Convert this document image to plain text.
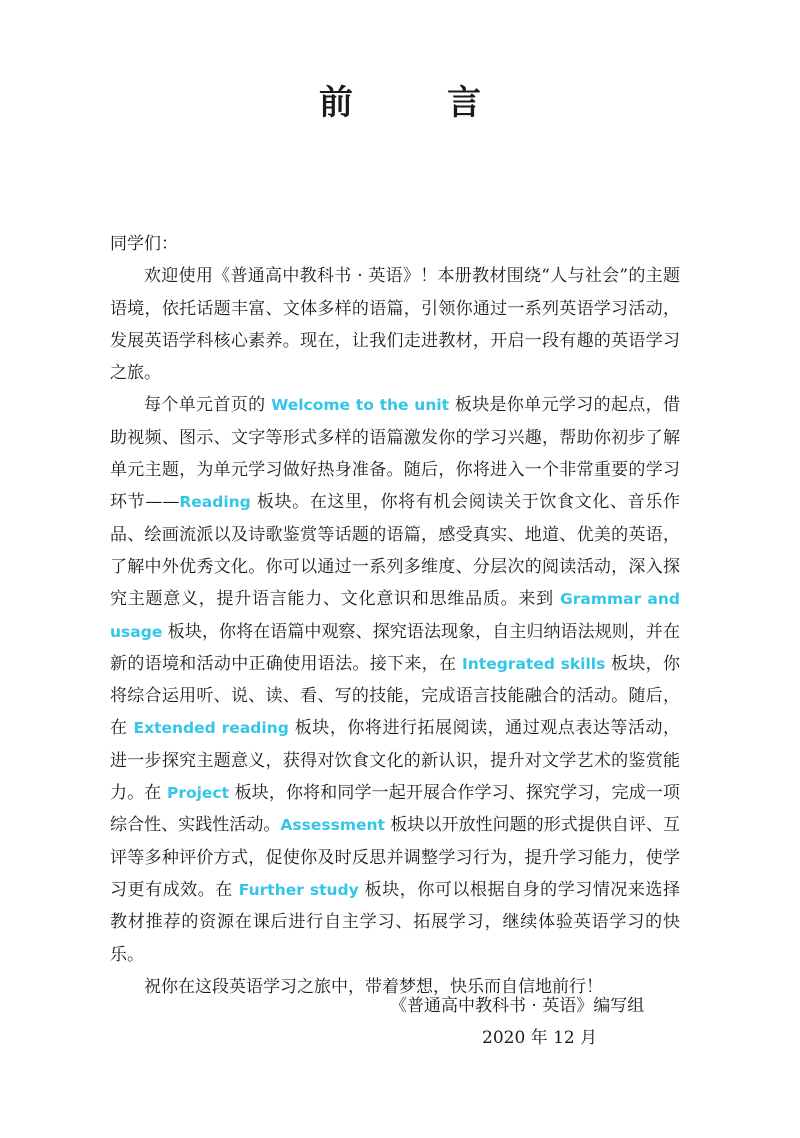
前　言

同学们：

欢迎使用《普通高中教科书 · 英语》！本册教材围绕“人与社会”的主题语境，依托话题丰富、文体多样的语篇，引领你通过一系列英语学习活动，发展英语学科核心素养。现在，让我们走进教材，开启一段有趣的英语学习之旅。

每个单元首页的 Welcome to the unit 板块是你单元学习的起点，借助视频、图示、文字等形式多样的语篇激发你的学习兴趣，帮助你初步了解单元主题，为单元学习做好热身准备。随后，你将进入一个非常重要的学习环节——Reading 板块。在这里，你将有机会阅读关于饮食文化、音乐作品、绘画流派以及诗歌鉴赏等话题的语篇，感受真实、地道、优美的英语，了解中外优秀文化。你可以通过一系列多维度、分层次的阅读活动，深入探究主题意义，提升语言能力、文化意识和思维品质。来到 Grammar and usage 板块，你将在语篇中观察、探究语法现象，自主归纳语法规则，并在新的语境和活动中正确使用语法。接下来，在 Integrated skills 板块，你将综合运用听、说、读、看、写的技能，完成语言技能融合的活动。随后，在 Extended reading 板块，你将进行拓展阅读，通过观点表达等活动，进一步探究主题意义，获得对饮食文化的新认识，提升对文学艺术的鉴赏能力。在 Project 板块，你将和同学一起开展合作学习、探究学习，完成一项综合性、实践性活动。Assessment 板块以开放性问题的形式提供自评、互评等多种评价方式，促使你及时反思并调整学习行为，提升学习能力，使学习更有成效。在 Further study 板块，你可以根据自身的学习情况来选择教材推荐的资源在课后进行自主学习、拓展学习，继续体验英语学习的快乐。

祝你在这段英语学习之旅中，带着梦想，快乐而自信地前行！

《普通高中教科书 · 英语》编写组
2020 年 12 月
